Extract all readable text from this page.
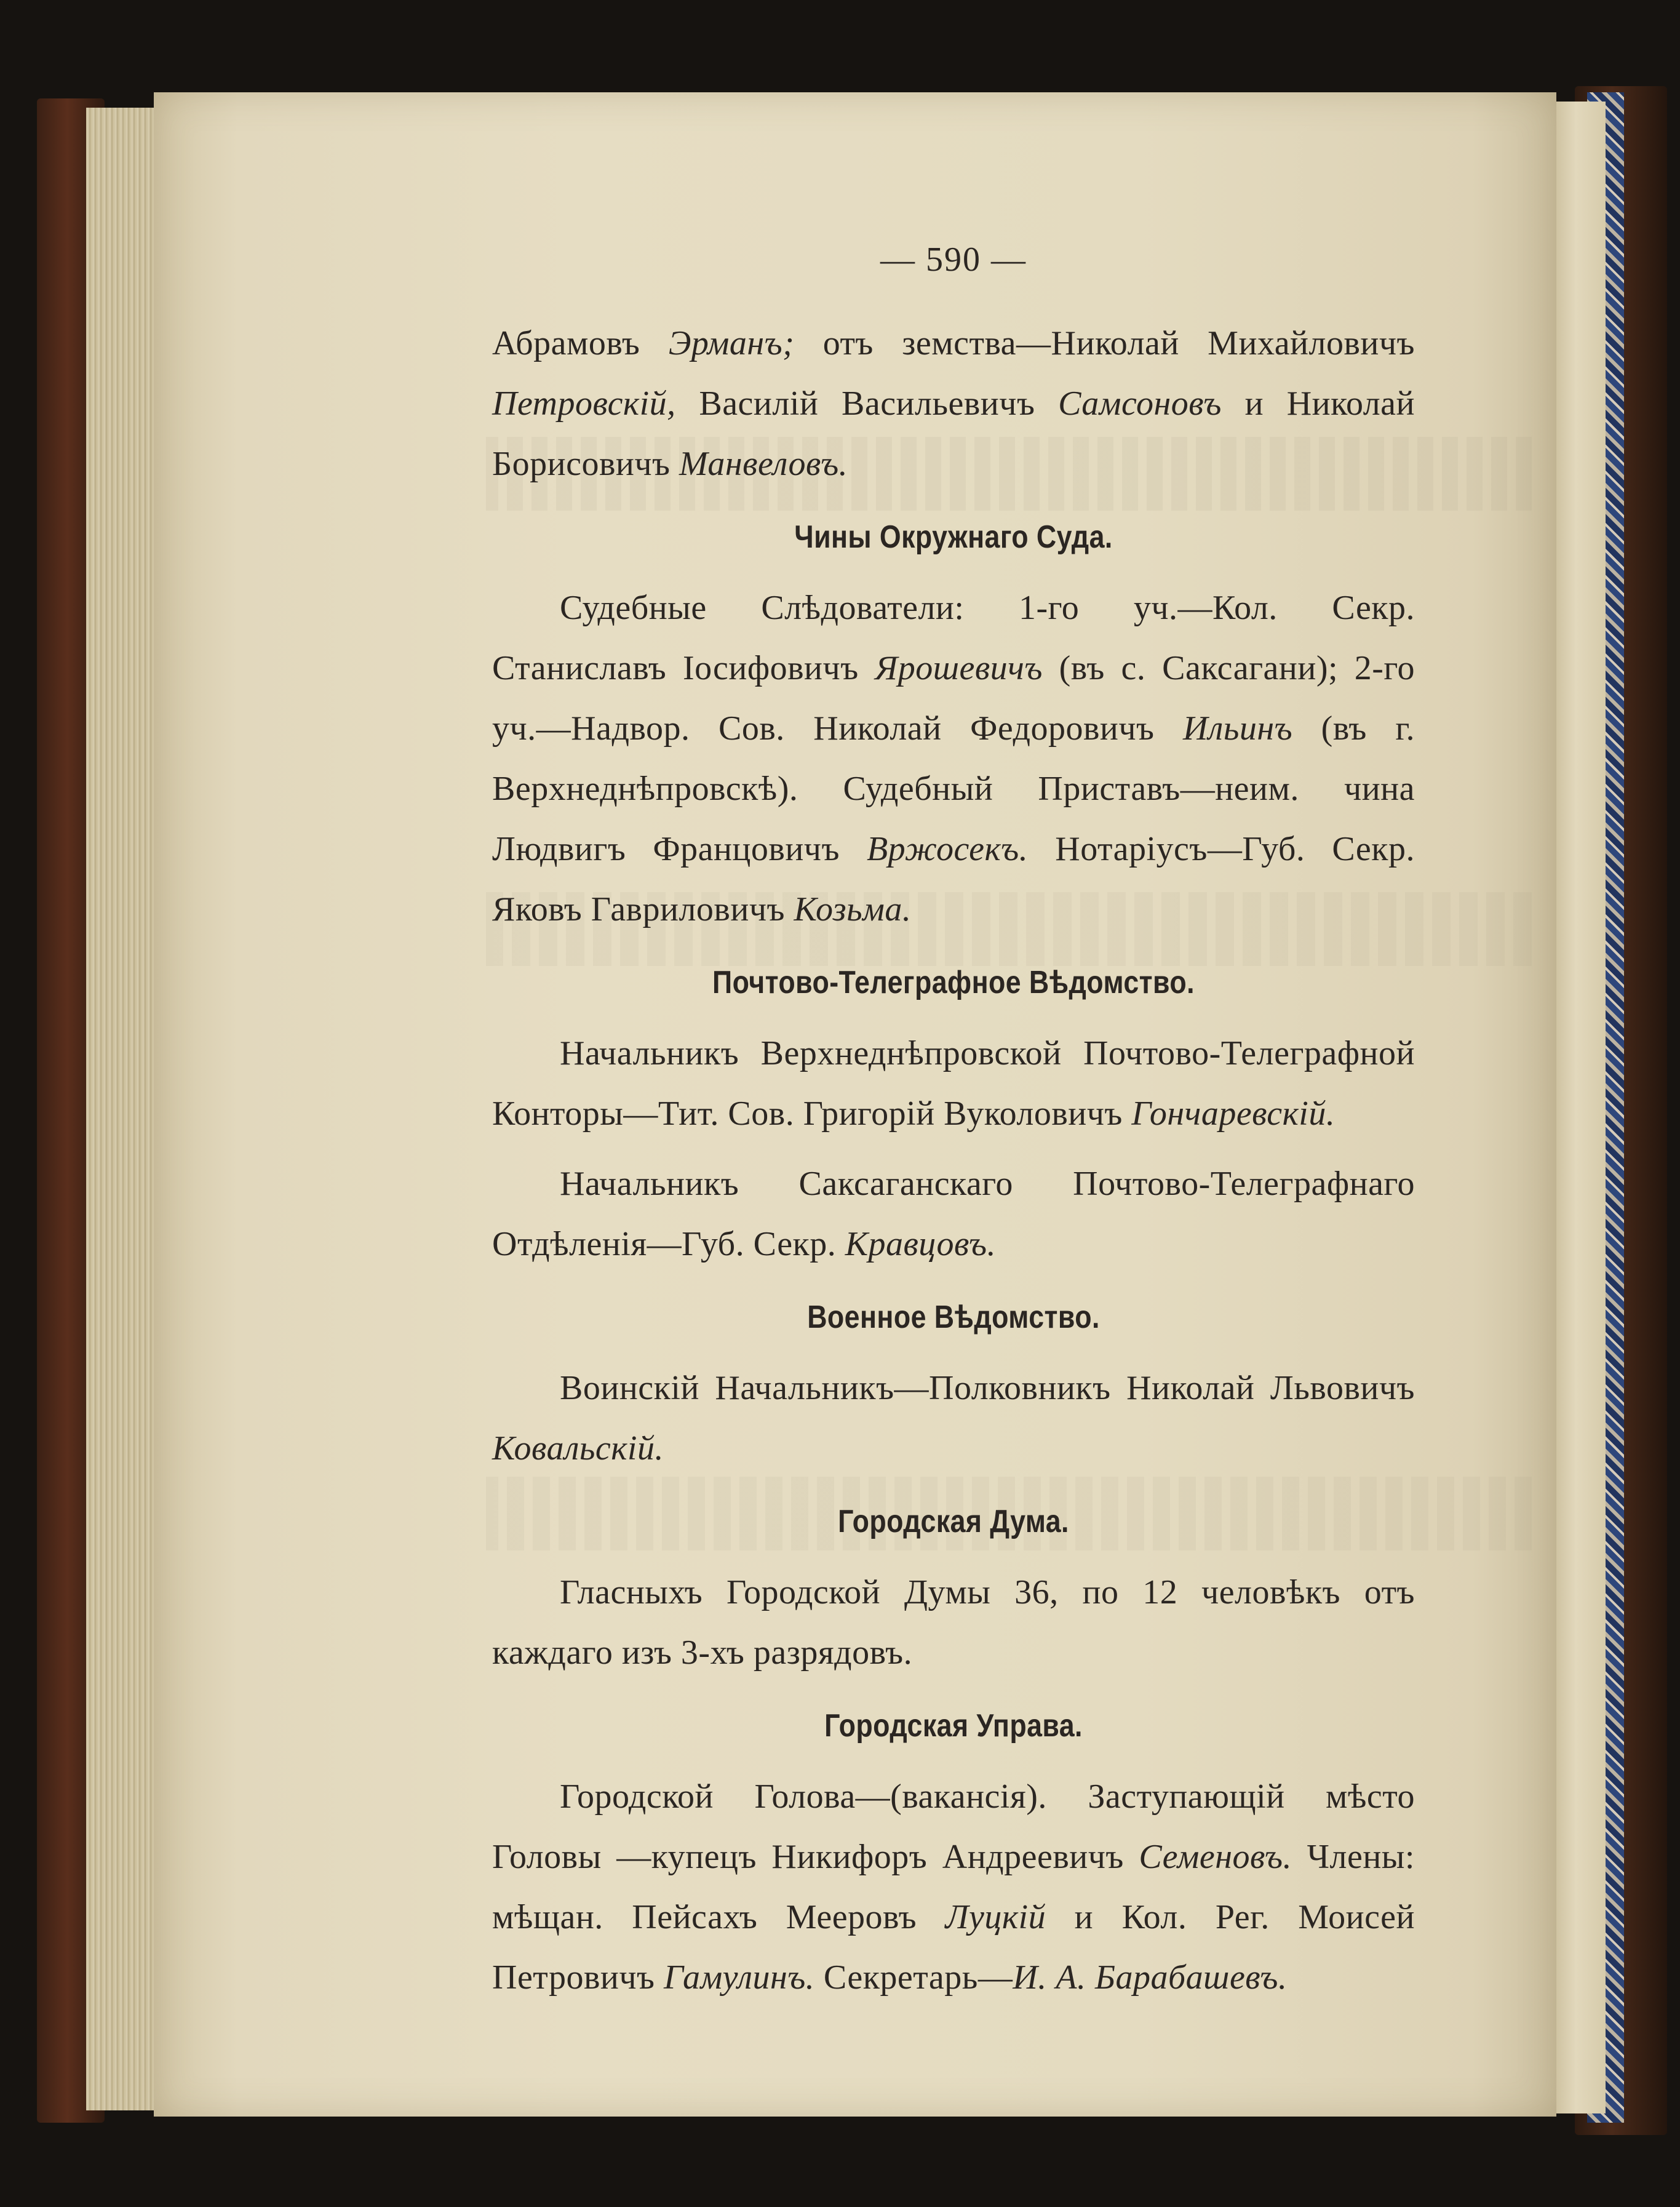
— 590 —

Абрамовъ Эрманъ; отъ земства—Николай Михайловичъ Петровскій, Василій Васильевичъ Самсоновъ и Николай Борисовичъ Манвеловъ.

Чины Окружнаго Суда.

Судебные Слѣдователи: 1-го уч.—Кол. Секр. Станиславъ Іосифовичъ Ярошевичъ (въ с. Саксагани); 2-го уч.—Надвор. Сов. Николай Федоровичъ Ильинъ (въ г. Верхнеднѣпровскѣ). Судебный Приставъ—неим. чина Людвигъ Францовичъ Вржосекъ. Нотаріусъ—Губ. Секр. Яковъ Гавриловичъ Козьма.

Почтово-Телеграфное Вѣдомство.

Начальникъ Верхнеднѣпровской Почтово-Телеграфной Конторы—Тит. Сов. Григорій Вуколовичъ Гончаревскій.

Начальникъ Саксаганскаго Почтово-Телеграфнаго Отдѣленія—Губ. Секр. Кравцовъ.

Военное Вѣдомство.

Воинскій Начальникъ—Полковникъ Николай Львовичъ Ковальскій.

Городская Дума.

Гласныхъ Городской Думы 36, по 12 человѣкъ отъ каждаго изъ 3-хъ разрядовъ.

Городская Управа.

Городской Голова—(вакансія). Заступающій мѣсто Головы —купецъ Никифоръ Андреевичъ Семеновъ. Члены: мѣщан. Пейсахъ Мееровъ Луцкій и Кол. Рег. Моисей Петровичъ Гамулинъ. Секретарь—И. А. Барабашевъ.
